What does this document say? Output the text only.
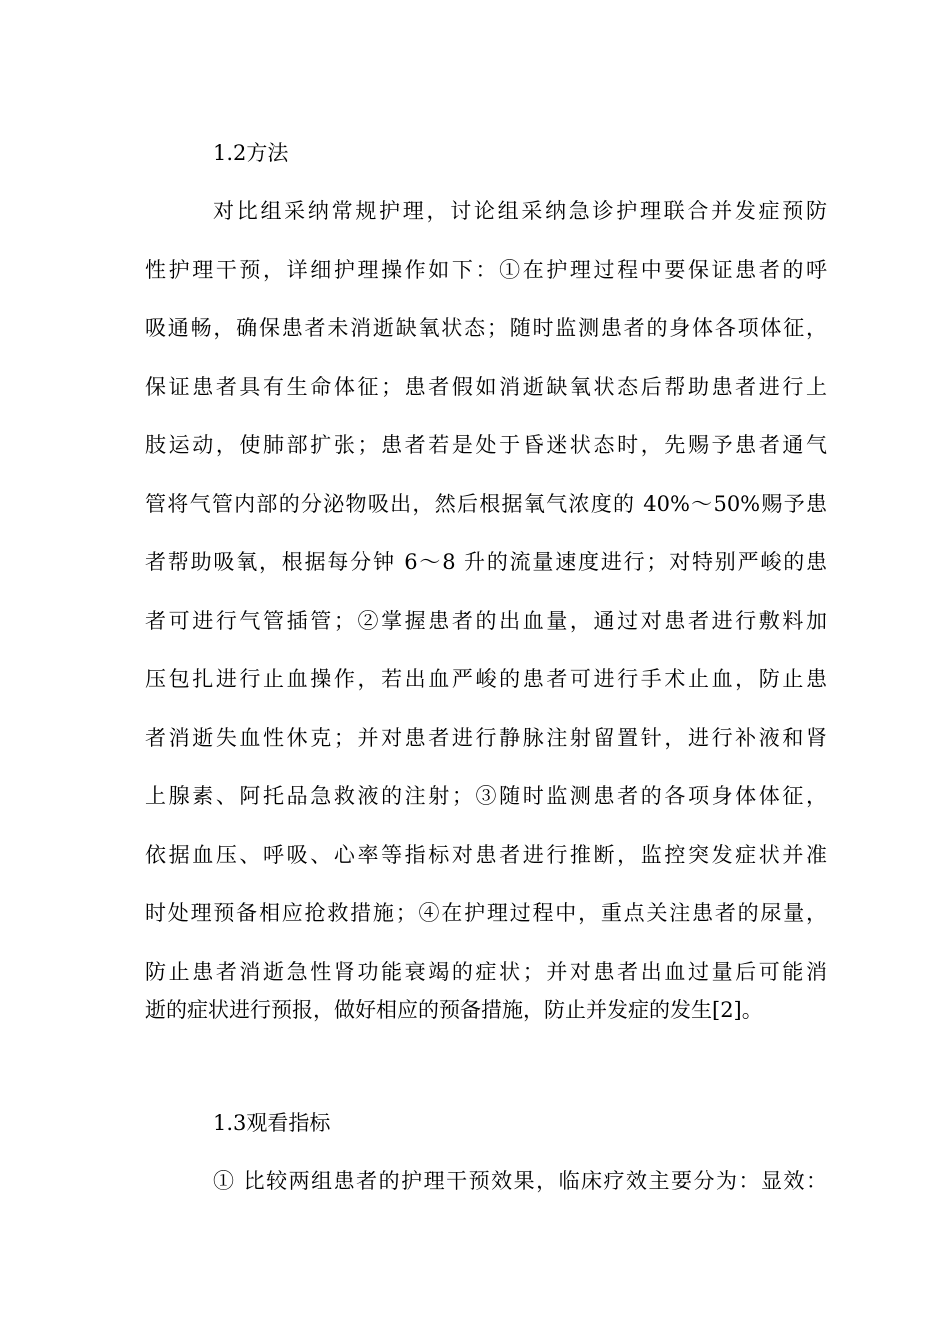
1.2方法
对比组采纳常规护理，讨论组采纳急诊护理联合并发症预防
性护理干预，详细护理操作如下：①在护理过程中要保证患者的呼
吸通畅，确保患者未消逝缺氧状态；随时监测患者的身体各项体征，
保证患者具有生命体征；患者假如消逝缺氧状态后帮助患者进行上
肢运动，使肺部扩张；患者若是处于昏迷状态时，先赐予患者通气
管将气管内部的分泌物吸出，然后根据氧气浓度的 40%～50%赐予患
者帮助吸氧，根据每分钟 6～8 升的流量速度进行；对特别严峻的患
者可进行气管插管；②掌握患者的出血量，通过对患者进行敷料加
压包扎进行止血操作，若出血严峻的患者可进行手术止血，防止患
者消逝失血性休克；并对患者进行静脉注射留置针，进行补液和肾
上腺素、阿托品急救液的注射；③随时监测患者的各项身体体征，
依据血压、呼吸、心率等指标对患者进行推断，监控突发症状并准
时处理预备相应抢救措施；④在护理过程中，重点关注患者的尿量，
防止患者消逝急性肾功能衰竭的症状；并对患者出血过量后可能消
逝的症状进行预报，做好相应的预备措施，防止并发症的发生[2]。
1.3观看指标
① 比较两组患者的护理干预效果，临床疗效主要分为：显效：
